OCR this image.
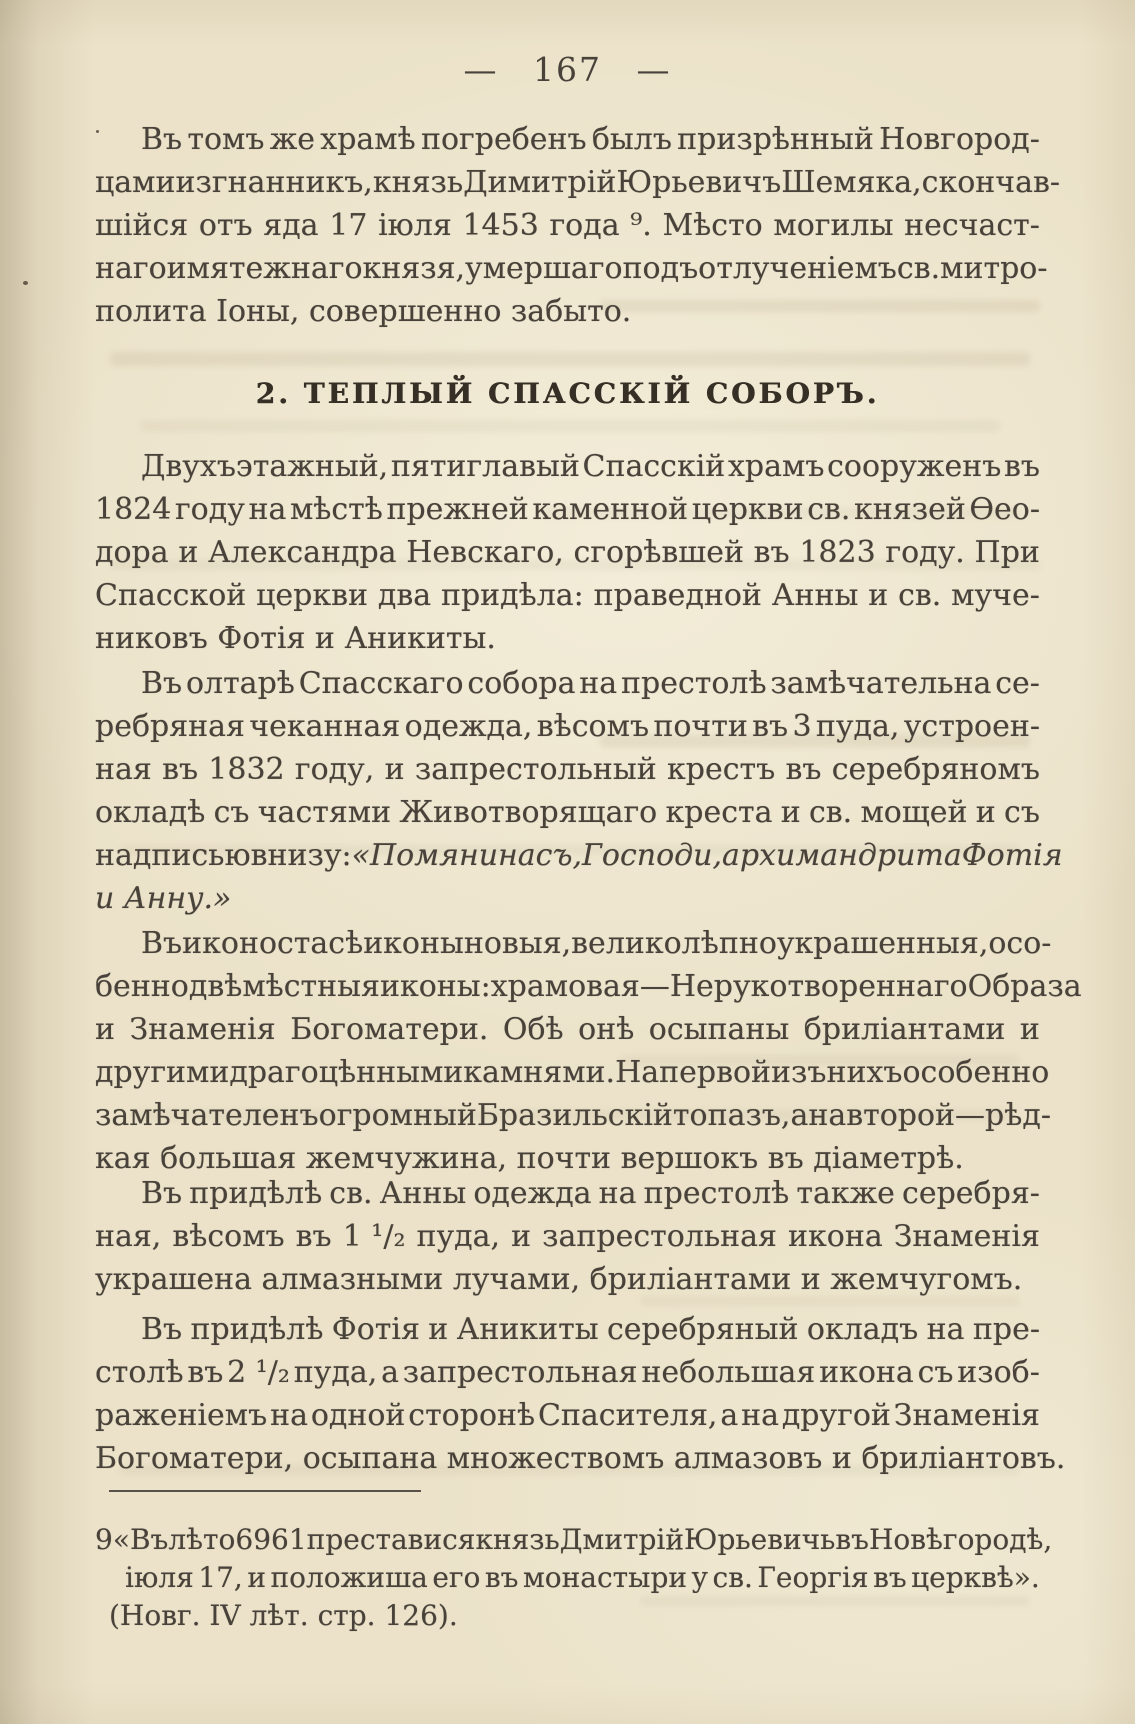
— 167 —
2. ТЕПЛЫЙ СПАССКІЙ СОБОРЪ.
Въ томъ же храмѣ погребенъ былъ призрѣнный Новгород-
цами изгнанникъ, князь Димитрій Юрьевичъ Шемяка, скончав-
шійся отъ яда 17 іюля 1453 года ⁹. Мѣсто могилы несчаст-
наго и мятежнаго князя, умершаго подъ отлученіемъ св. митро-
полита Іоны, совершенно забыто.
Двухъэтажный, пятиглавый Спасскій храмъ сооруженъ въ
1824 году на мѣстѣ прежней каменной церкви св. князей Ѳео-
дора и Александра Невскаго, сгорѣвшей въ 1823 году. При
Спасской церкви два придѣла: праведной Анны и св. муче-
никовъ Фотія и Аникиты.
Въ олтарѣ Спасскаго собора на престолѣ замѣчательна се-
ребряная чеканная одежда, вѣсомъ почти въ 3 пуда, устроен-
ная въ 1832 году, и запрестольный крестъ въ серебряномъ
окладѣ съ частями Животворящаго креста и св. мощей и съ
надписью внизу: «Помяни насъ, Господи, архимандрита Фотія
и Анну.»
Въ иконостасѣ иконы новыя, великолѣпно украшенныя, осо-
бенно двѣ мѣстныя иконы: храмовая — Нерукотвореннаго Образа
и Знаменія Богоматери. Обѣ онѣ осыпаны бриліантами и
другими драгоцѣнными камнями. На первой изъ нихъ особенно
замѣчателенъ огромный Бразильскій топазъ, а на второй — рѣд-
кая большая жемчужина, почти вершокъ въ діаметрѣ.
Въ придѣлѣ св. Анны одежда на престолѣ также серебря-
ная, вѣсомъ въ 1 ¹/₂ пуда, и запрестольная икона Знаменія
украшена алмазными лучами, бриліантами и жемчугомъ.
Въ придѣлѣ Фотія и Аникиты серебряный окладъ на пре-
столѣ въ 2 ¹/₂ пуда, а запрестольная небольшая икона съ изоб-
раженіемъ на одной сторонѣ Спасителя, а на другой Знаменія
Богоматери, осыпана множествомъ алмазовъ и бриліантовъ.
9 «Въ лѣто 6961 преставися князь Дмитрій Юрьевичь въ Новѣгородѣ,
іюля 17, и положиша его въ монастыри у св. Георгія въ церквѣ».
(Новг. IV лѣт. стр. 126).
